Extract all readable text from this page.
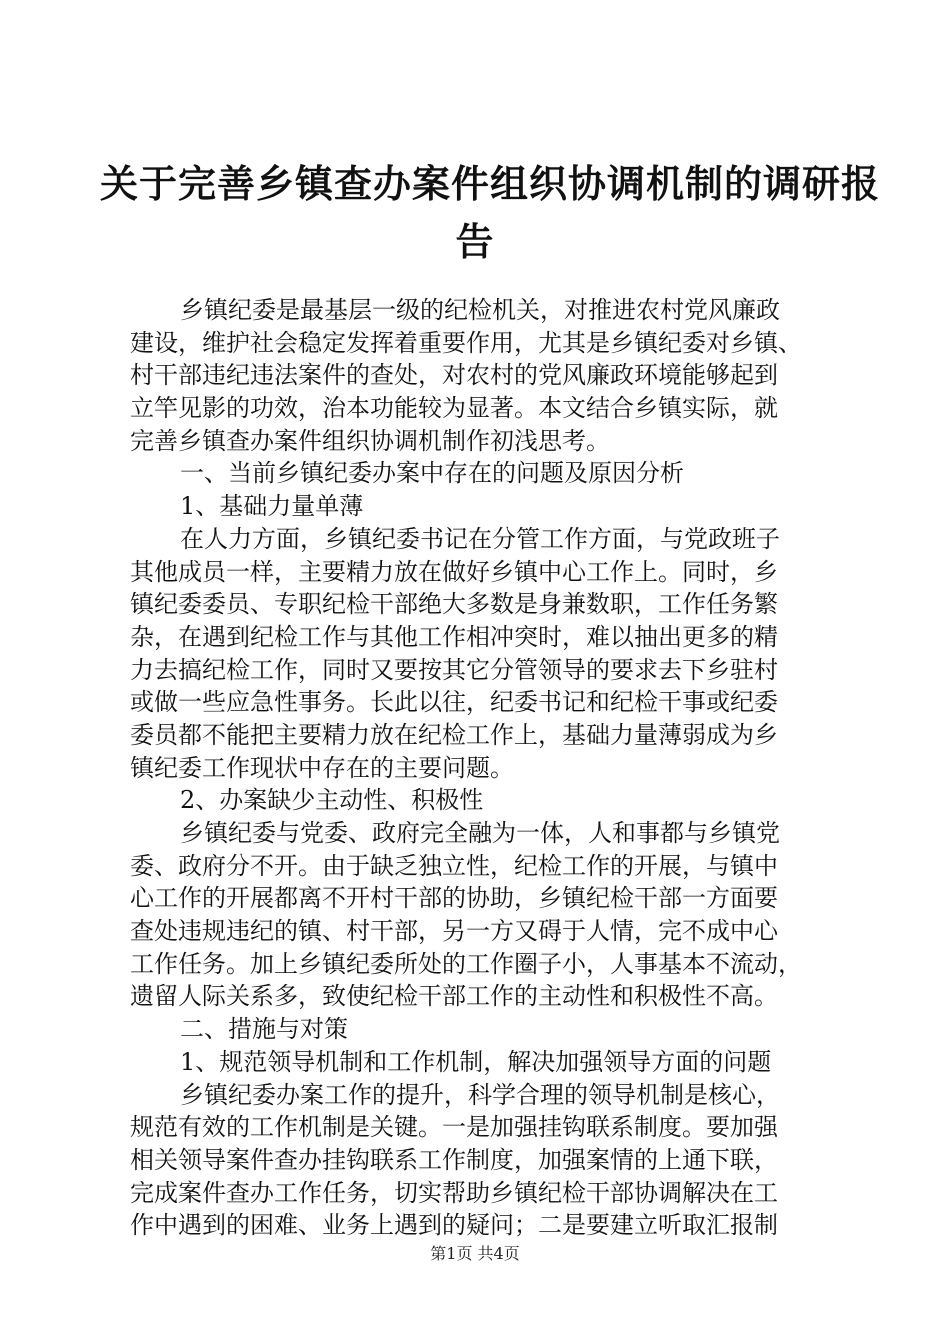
关于完善乡镇查办案件组织协调机制的调研报
告
乡镇纪委是最基层一级的纪检机关，对推进农村党风廉政
建设，维护社会稳定发挥着重要作用，尤其是乡镇纪委对乡镇、
村干部违纪违法案件的查处，对农村的党风廉政环境能够起到
立竿见影的功效，治本功能较为显著。本文结合乡镇实际，就
完善乡镇查办案件组织协调机制作初浅思考。
一、当前乡镇纪委办案中存在的问题及原因分析
1、基础力量单薄
在人力方面，乡镇纪委书记在分管工作方面，与党政班子
其他成员一样，主要精力放在做好乡镇中心工作上。同时，乡
镇纪委委员、专职纪检干部绝大多数是身兼数职，工作任务繁
杂，在遇到纪检工作与其他工作相冲突时，难以抽出更多的精
力去搞纪检工作，同时又要按其它分管领导的要求去下乡驻村
或做一些应急性事务。长此以往，纪委书记和纪检干事或纪委
委员都不能把主要精力放在纪检工作上，基础力量薄弱成为乡
镇纪委工作现状中存在的主要问题。
2、办案缺少主动性、积极性
乡镇纪委与党委、政府完全融为一体，人和事都与乡镇党
委、政府分不开。由于缺乏独立性，纪检工作的开展，与镇中
心工作的开展都离不开村干部的协助，乡镇纪检干部一方面要
查处违规违纪的镇、村干部，另一方又碍于人情，完不成中心
工作任务。加上乡镇纪委所处的工作圈子小，人事基本不流动，
遗留人际关系多，致使纪检干部工作的主动性和积极性不高。
二、措施与对策
1、规范领导机制和工作机制，解决加强领导方面的问题
乡镇纪委办案工作的提升，科学合理的领导机制是核心，
规范有效的工作机制是关键。一是加强挂钩联系制度。要加强
相关领导案件查办挂钩联系工作制度，加强案情的上通下联，
完成案件查办工作任务，切实帮助乡镇纪检干部协调解决在工
作中遇到的困难、业务上遇到的疑问；二是要建立听取汇报制
第1页 共4页
